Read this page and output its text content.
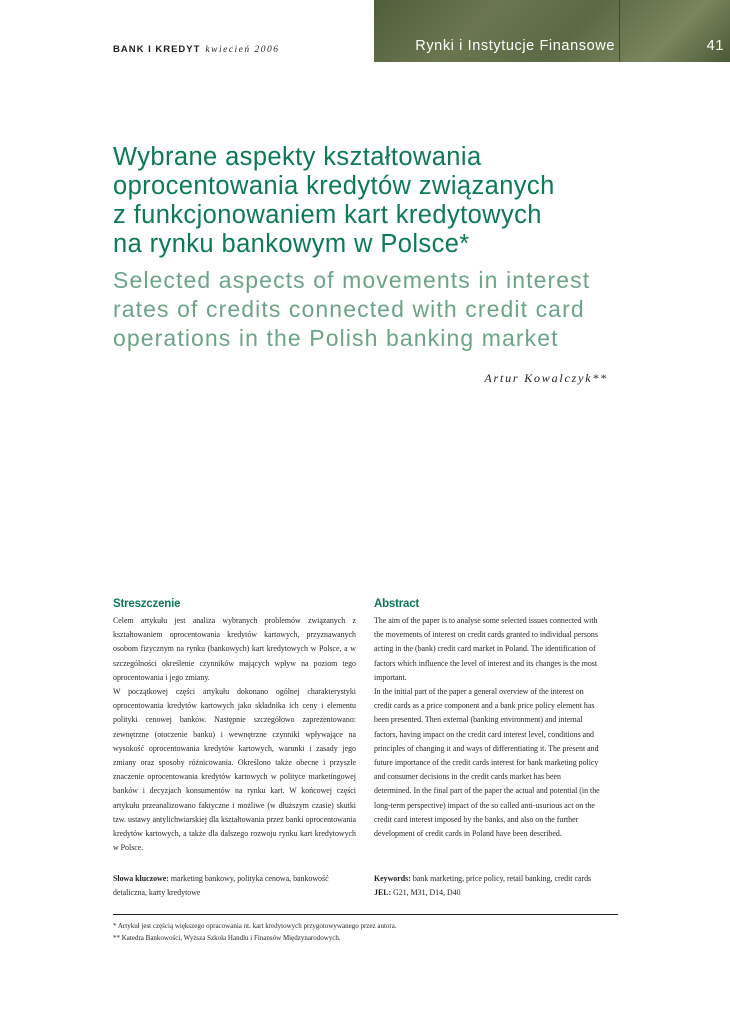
BANK I KREDYT kwiecień 2006	Rynki i Instytucje Finansowe	41
Wybrane aspekty kształtowania
oprocentowania kredytów związanych
z funkcjonowaniem kart kredytowych
na rynku bankowym w Polsce*
Selected aspects of movements in interest
rates of credits connected with credit card
operations in the Polish banking market
Artur Kowalczyk**
Streszczenie

Celem artykułu jest analiza wybranych problemów związanych z kształtowaniem oprocentowania kredytów kartowych, przyznawanych osobom fizycznym na rynku (bankowych) kart kredytowych w Polsce, a w szczególności określenie czynników mających wpływ na poziom tego oprocentowania i jego zmiany.

W początkowej części artykułu dokonano ogólnej charakterystyki oprocentowania kredytów kartowych jako składnika ich ceny i elementu polityki cenowej banków. Następnie szczegółowo zaprezentowano: zewnętrzne (otoczenie banku) i wewnętrzne czynniki wpływające na wysokość oprocentowania kredytów kartowych, warunki i zasady jego zmiany oraz sposoby różnicowania. Określono także obecne i przyszłe znaczenie oprocentowania kredytów kartowych w polityce marketingowej banków i decyzjach konsumentów na rynku kart. W końcowej części artykułu przeanalizowano faktyczne i możliwe (w dłuższym czasie) skutki tzw. ustawy antylichwiarskiej dla kształtowania przez banki oprocentowania kredytów kartowych, a także dla dalszego rozwoju rynku kart kredytowych w Polsce.

Abstract

The aim of the paper is to analyse some selected issues connected with

the movements of interest on credit cards granted to individual persons

acting in the (bank) credit card market in Poland. The identification of

factors which influence the level of interest and its changes is the most

important.

In the initial part of the paper a general overview of the interest on

credit cards as a price component and a bank price policy element has

been presented. Then external (banking environment) and internal

factors, having impact on the credit card interest level, conditions and

principles of changing it and ways of differentiating it. The present and

future importance of the credit cards interest for bank marketing policy

and consumer decisions in the credit cards market has been

determined. In the final part of the paper the actual and potential (in the

long-term perspective) impact of the so called anti-usurious act on the

credit card interest imposed by the banks, and also on the further

development of credit cards in Poland have been described.

Słowa kluczowe: marketing bankowy, polityka cenowa, bankowość detaliczna, karty kredytowe
Keywords: bank marketing, price policy, retail banking, credit cards
JEL: G21, M31, D14, D40
* Artykuł jest częścią większego opracowania nt. kart kredytowych przygotowywanego przez autora.
** Katedra Bankowości, Wyższa Szkoła Handlu i Finansów Międzynarodowych.
